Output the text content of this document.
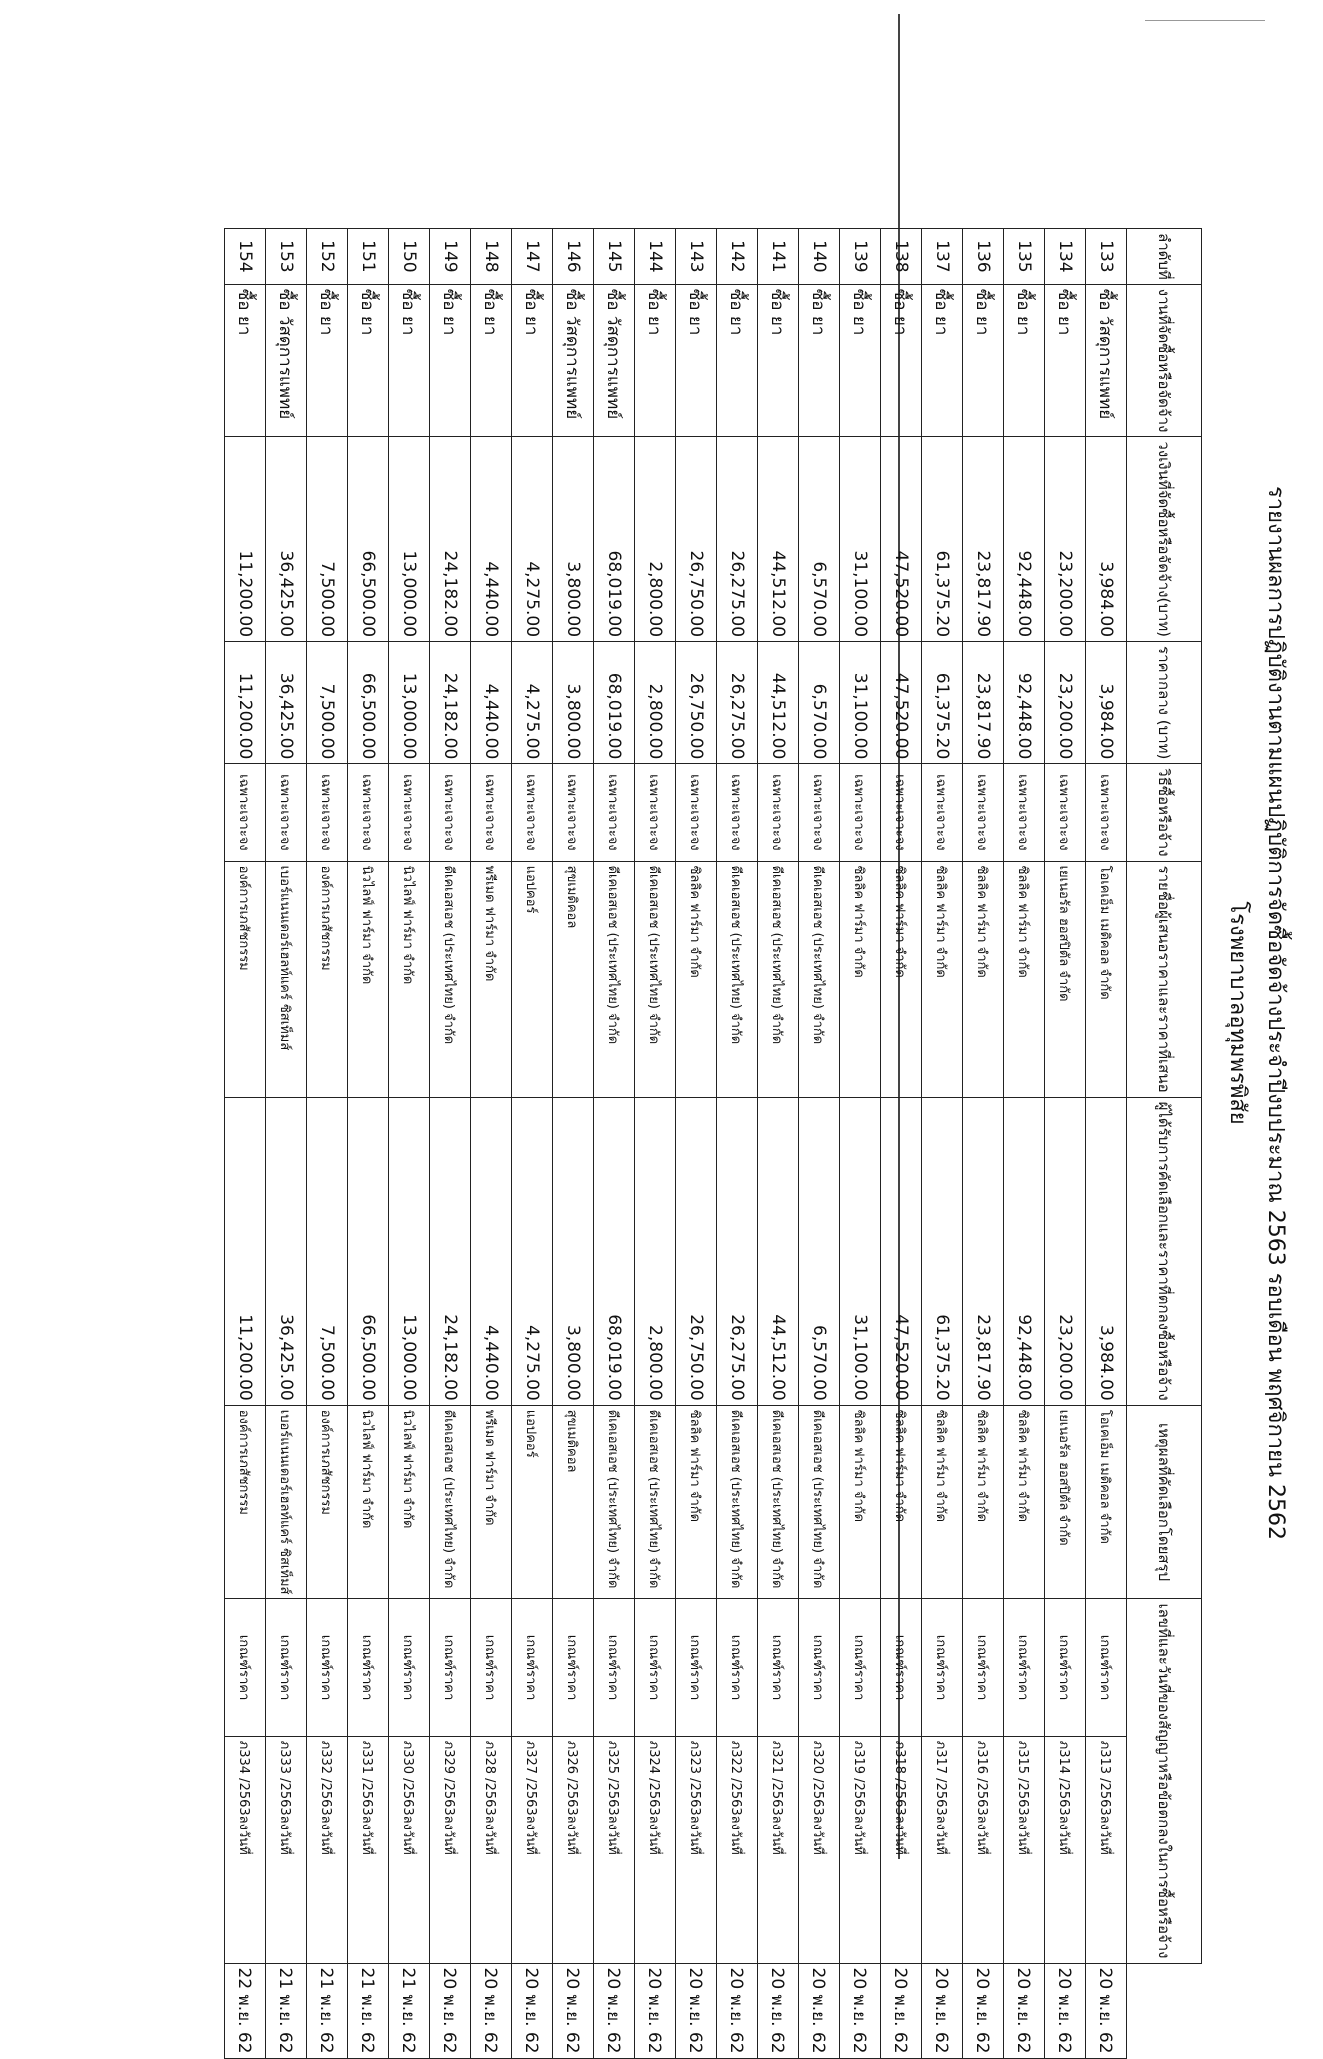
รายงานผลการปฏิบัติงานตามแผนปฏิบัติการจัดซื้อจัดจ้างประจำปีงบประมาณ 2563 รอบเดือน พฤศจิกายน 2562
โรงพยาบาลอุทุมพรพิสัย
ลำดับที่	งานที่จัดซื้อหรือจัดจ้าง	วงเงินที่จัดซื้อหรือจัดจ้าง(บาท)	ราคากลาง (บาท)	วิธีซื้อหรือจ้าง	รายชื่อผู้เสนอราคาและราคาที่เสนอ	ผู้ได้รับการคัดเลือกและราคาที่ตกลงซื้อหรือจ้าง	เหตุผลที่คัดเลือกโดยสรุป	เลขที่และวันที่ของสัญญาหรือข้อตกลงในการซื้อหรือจ้าง		
133	ซื้อ วัสดุการแพทย์	3,984.00	3,984.00	เฉพาะเจาะจง	โอเคเอ็ม เมดิคอล จำกัด	3,984.00	โอเคเอ็ม เมดิคอล จำกัด	เกณฑ์ราคา	ภ313 /2563ลงวันที่	20 พ.ย. 62
134	ซื้อ ยา	23,200.00	23,200.00	เฉพาะเจาะจง	เยเนอรัล ฮอสปิตัล จำกัด	23,200.00	เยเนอรัล ฮอสปิตัล จำกัด	เกณฑ์ราคา	ภ314 /2563ลงวันที่	20 พ.ย. 62
135	ซื้อ ยา	92,448.00	92,448.00	เฉพาะเจาะจง	ซิลลิค ฟาร์มา จำกัด	92,448.00	ซิลลิค ฟาร์มา จำกัด	เกณฑ์ราคา	ภ315 /2563ลงวันที่	20 พ.ย. 62
136	ซื้อ ยา	23,817.90	23,817.90	เฉพาะเจาะจง	ซิลลิค ฟาร์มา จำกัด	23,817.90	ซิลลิค ฟาร์มา จำกัด	เกณฑ์ราคา	ภ316 /2563ลงวันที่	20 พ.ย. 62
137	ซื้อ ยา	61,375.20	61,375.20	เฉพาะเจาะจง	ซิลลิค ฟาร์มา จำกัด	61,375.20	ซิลลิค ฟาร์มา จำกัด	เกณฑ์ราคา	ภ317 /2563ลงวันที่	20 พ.ย. 62
138	ซื้อ ยา	47,520.00	47,520.00	เฉพาะเจาะจง	ซิลลิค ฟาร์มา จำกัด	47,520.00	ซิลลิค ฟาร์มา จำกัด	เกณฑ์ราคา	ภ318 /2563ลงวันที่	20 พ.ย. 62
139	ซื้อ ยา	31,100.00	31,100.00	เฉพาะเจาะจง	ซิลลิค ฟาร์มา จำกัด	31,100.00	ซิลลิค ฟาร์มา จำกัด	เกณฑ์ราคา	ภ319 /2563ลงวันที่	20 พ.ย. 62
140	ซื้อ ยา	6,570.00	6,570.00	เฉพาะเจาะจง	ดีเคเอสเอช (ประเทศไทย) จำกัด	6,570.00	ดีเคเอสเอช (ประเทศไทย) จำกัด	เกณฑ์ราคา	ภ320 /2563ลงวันที่	20 พ.ย. 62
141	ซื้อ ยา	44,512.00	44,512.00	เฉพาะเจาะจง	ดีเคเอสเอช (ประเทศไทย) จำกัด	44,512.00	ดีเคเอสเอช (ประเทศไทย) จำกัด	เกณฑ์ราคา	ภ321 /2563ลงวันที่	20 พ.ย. 62
142	ซื้อ ยา	26,275.00	26,275.00	เฉพาะเจาะจง	ดีเคเอสเอช (ประเทศไทย) จำกัด	26,275.00	ดีเคเอสเอช (ประเทศไทย) จำกัด	เกณฑ์ราคา	ภ322 /2563ลงวันที่	20 พ.ย. 62
143	ซื้อ ยา	26,750.00	26,750.00	เฉพาะเจาะจง	ซิลลิค ฟาร์มา จำกัด	26,750.00	ซิลลิค ฟาร์มา จำกัด	เกณฑ์ราคา	ภ323 /2563ลงวันที่	20 พ.ย. 62
144	ซื้อ ยา	2,800.00	2,800.00	เฉพาะเจาะจง	ดีเคเอสเอช (ประเทศไทย) จำกัด	2,800.00	ดีเคเอสเอช (ประเทศไทย) จำกัด	เกณฑ์ราคา	ภ324 /2563ลงวันที่	20 พ.ย. 62
145	ซื้อ วัสดุการแพทย์	68,019.00	68,019.00	เฉพาะเจาะจง	ดีเคเอสเอช (ประเทศไทย) จำกัด	68,019.00	ดีเคเอสเอช (ประเทศไทย) จำกัด	เกณฑ์ราคา	ภ325 /2563ลงวันที่	20 พ.ย. 62
146	ซื้อ วัสดุการแพทย์	3,800.00	3,800.00	เฉพาะเจาะจง	สุขเมดิคอล	3,800.00	สุขเมดิคอล	เกณฑ์ราคา	ภ326 /2563ลงวันที่	20 พ.ย. 62
147	ซื้อ ยา	4,275.00	4,275.00	เฉพาะเจาะจง	แอปคอร์	4,275.00	แอปคอร์	เกณฑ์ราคา	ภ327 /2563ลงวันที่	20 พ.ย. 62
148	ซื้อ ยา	4,440.00	4,440.00	เฉพาะเจาะจง	พรีเมด ฟาร์มา จำกัด	4,440.00	พรีเมด ฟาร์มา จำกัด	เกณฑ์ราคา	ภ328 /2563ลงวันที่	20 พ.ย. 62
149	ซื้อ ยา	24,182.00	24,182.00	เฉพาะเจาะจง	ดีเคเอสเอช (ประเทศไทย) จำกัด	24,182.00	ดีเคเอสเอช (ประเทศไทย) จำกัด	เกณฑ์ราคา	ภ329 /2563ลงวันที่	20 พ.ย. 62
150	ซื้อ ยา	13,000.00	13,000.00	เฉพาะเจาะจง	นิวไลฟ์ ฟาร์มา จำกัด	13,000.00	นิวไลฟ์ ฟาร์มา จำกัด	เกณฑ์ราคา	ภ330 /2563ลงวันที่	21 พ.ย. 62
151	ซื้อ ยา	66,500.00	66,500.00	เฉพาะเจาะจง	นิวไลฟ์ ฟาร์มา จำกัด	66,500.00	นิวไลฟ์ ฟาร์มา จำกัด	เกณฑ์ราคา	ภ331 /2563ลงวันที่	21 พ.ย. 62
152	ซื้อ ยา	7,500.00	7,500.00	เฉพาะเจาะจง	องค์การเภสัชกรรม	7,500.00	องค์การเภสัชกรรม	เกณฑ์ราคา	ภ332 /2563ลงวันที่	21 พ.ย. 62
153	ซื้อ วัสดุการแพทย์	36,425.00	36,425.00	เฉพาะเจาะจง	เบอร์แนนเดอร์เฮลท์แคร์ ซิสเท็มส์	36,425.00	เบอร์แนนเดอร์เฮลท์แคร์ ซิสเท็มส์	เกณฑ์ราคา	ภ333 /2563ลงวันที่	21 พ.ย. 62
154	ซื้อ ยา	11,200.00	11,200.00	เฉพาะเจาะจง	องค์การเภสัชกรรม	11,200.00	องค์การเภสัชกรรม	เกณฑ์ราคา	ภ334 /2563ลงวันที่	22 พ.ย. 62
